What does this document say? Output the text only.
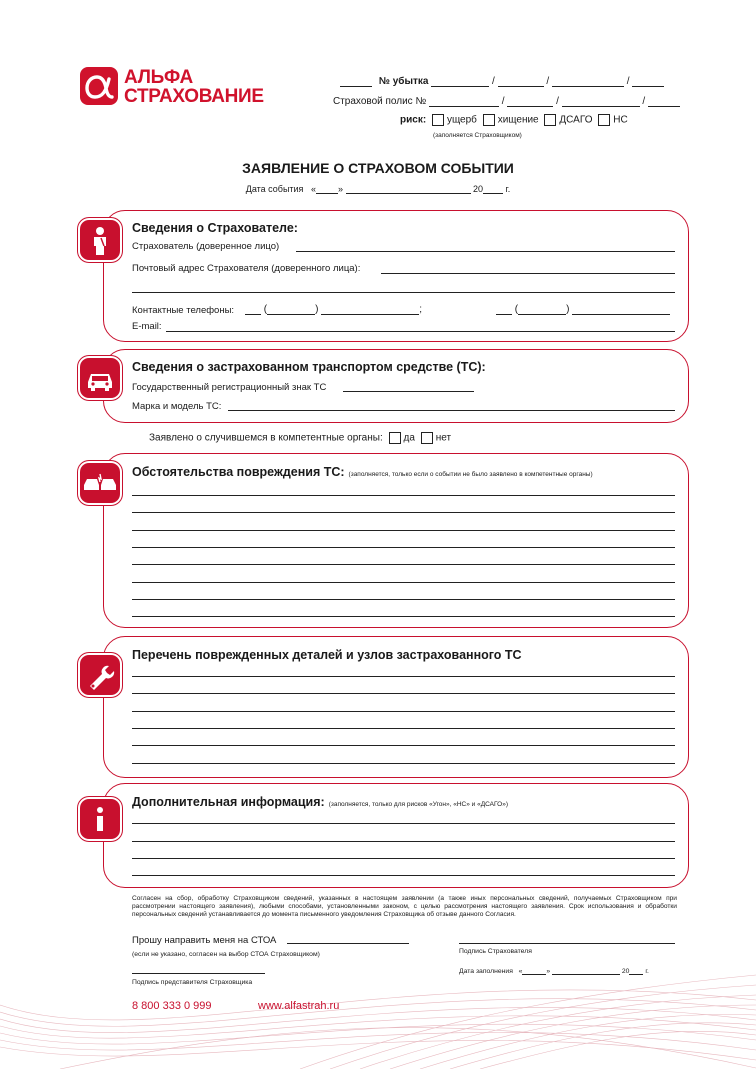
АЛЬФА
СТРАХОВАНИЕ
№ убытка	/	/	/
Страховой полис №	/	/	/
риск: ущерб хищение ДСАГО НС
(заполняется Страховщиком)
ЗАЯВЛЕНИЕ О СТРАХОВОМ СОБЫТИИ
Дата события « »	20	г.
Сведения о Страхователе:
Страхователь (доверенное лицо)
Почтовый адрес Страхователя (доверенного лица):
Контактные телефоны:	(	)	;	(	)
E-mail:
Сведения о застрахованном транспортом средстве (ТС):
Государственный регистрационный знак ТС
Марка и модель ТС:
Заявлено о случившемся в компетентные органы: да нет
Обстоятельства повреждения ТС: (заполняется, только если о событии не было заявлено в компетентные органы)
Перечень поврежденных деталей и узлов застрахованного ТС
Дополнительная информация: (заполняется, только для рисков «Угон», «НС» и «ДСАГО»)
Согласен на сбор, обработку Страховщиком сведений, указанных в настоящем заявлении (а также иных персональных сведений, получаемых Страховщиком при рассмотрении настоящего заявления), любыми способами, установленными законом, с целью рассмотрения настоящего заявления. Срок использования и обработки персональных сведений устанавливается до момента письменного уведомления Страховщика об отзыве данного Согласия.
Прошу направить меня на СТОА
(если не указано, согласен на выбор СТОА Страховщиком)	Подпись Страхователя
Дата заполнения «	»	20 г.
Подпись представителя Страховщика
8 800 333 0 999	www.alfastrah.ru
